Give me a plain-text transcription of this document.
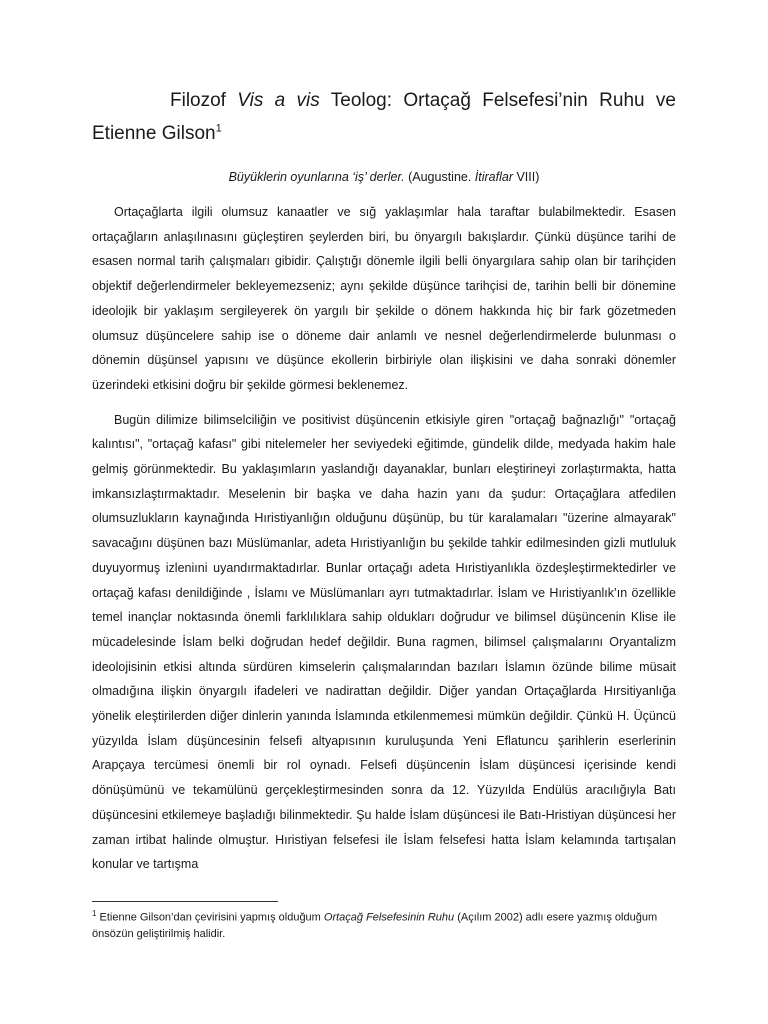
Filozof Vis a vis Teolog: Ortaçağ Felsefesi’nin Ruhu ve
Etienne Gilson$^1$

Büyüklerin oyunlarına ‘iş’ derler. (Augustine. İtiraflar VIII)

Ortaçağlarta ilgili olumsuz kanaatler ve sığ yaklaşımlar hala taraftar bulabilmektedir. Esasen ortaçağların anlaşılınasını güçleştiren şeylerden biri, bu önyargılı bakışlardır. Çünkü düşünce tarihi de esasen normal tarih çalışmaları gibidir. Çalıştığı dönemle ilgili belli önyargılara sahip olan bir tarihçiden objektif değerlendirmeler bekleyemezseniz; aynı şekilde düşünce tarihçisi de, tarihin belli bir dönemine ideolojik bir yaklaşım sergileyerek ön yargılı bir şekilde o dönem hakkında hiç bir fark gözetmeden olumsuz düşüncelere sahip ise o döneme dair anlamlı ve nesnel değerlendirmelerde bulunması o dönemin düşünsel yapısını ve düşünce ekollerin birbiriyle olan ilişkisini ve daha sonraki dönemler üzerindeki etkisini doğru bir şekilde görmesi beklenemez.

Bugün dilimize bilimselciliğin ve positivist düşüncenin etkisiyle giren "ortaçağ bağnazlığı" "ortaçağ kalıntısı", "ortaçağ kafası" gibi nitelemeler her seviyedeki eğitimde, gündelik dilde, medyada hakim hale gelmiş görünmektedir. Bu yaklaşımların yaslandığı dayanaklar, bunları eleştirineyi zorlaştırmakta, hatta imkansızlaştırmaktadır. Meselenin bir başka ve daha hazin yanı da şudur: Ortaçağlara atfedilen olumsuzlukların kaynağında Hıristiyanlığın olduğunu düşünüp, bu tür karalamaları "üzerine almayarak" savacağını düşünen bazı Müslümanlar, adeta Hıristiyanlığın bu şekilde tahkir edilmesinden gizli mutluluk duyuyormuş izleniıni uyandırmaktadırlar. Bunlar ortaçağı adeta Hıristiyanlıkla özdeşleştirmektedirler ve ortaçağ kafası denildiğinde , İslamı ve Müslümanları ayrı tutmaktadırlar. İslam ve Hıristiyanlık’ın özellikle temel inançlar noktasında önemli farklılıklara sahip oldukları doğrudur ve bilimsel düşüncenin Klise ile mücadelesinde İslam belki doğrudan hedef değildir. Buna ragmen, bilimsel çalışmalarını Oryantalizm ideolojisinin etkisi altında sürdüren kimselerin çalışmalarından bazıları İslamın özünde bilime müsait olmadığına ilişkin önyargılı ifadeleri ve nadirattan değildir. Diğer yandan Ortaçağlarda Hırsitiyanlığa yönelik eleştirilerden diğer dinlerin yanında İslamında etkilenmemesi mümkün değildir. Çünkü H. Üçüncü yüzyılda İslam düşüncesinin felsefi altyapısının kuruluşunda Yeni Eflatuncu şarihlerin eserlerinin Arapçaya tercümesi önemli bir rol oynadı. Felsefi düşüncenin İslam düşüncesi içerisinde kendi dönüşümünü ve tekamülünü gerçekleştirmesinden sonra da 12. Yüzyılda Endülüs aracılığıyla Batı düşüncesini etkilemeye başladığı bilinmektedir. Şu halde İslam düşüncesi ile Batı-Hristiyan düşüncesi her zaman irtibat halinde olmuştur. Hıristiyan felsefesi ile İslam felsefesi hatta İslam kelamında tartışalan konular ve tartışma

$^1$ Etienne Gilson’dan çevirisini yapmış olduğum Ortaçağ Felsefesinin Ruhu (Açılım 2002) adlı esere yazmış olduğum önsözün geliştirilmiş halidir.
